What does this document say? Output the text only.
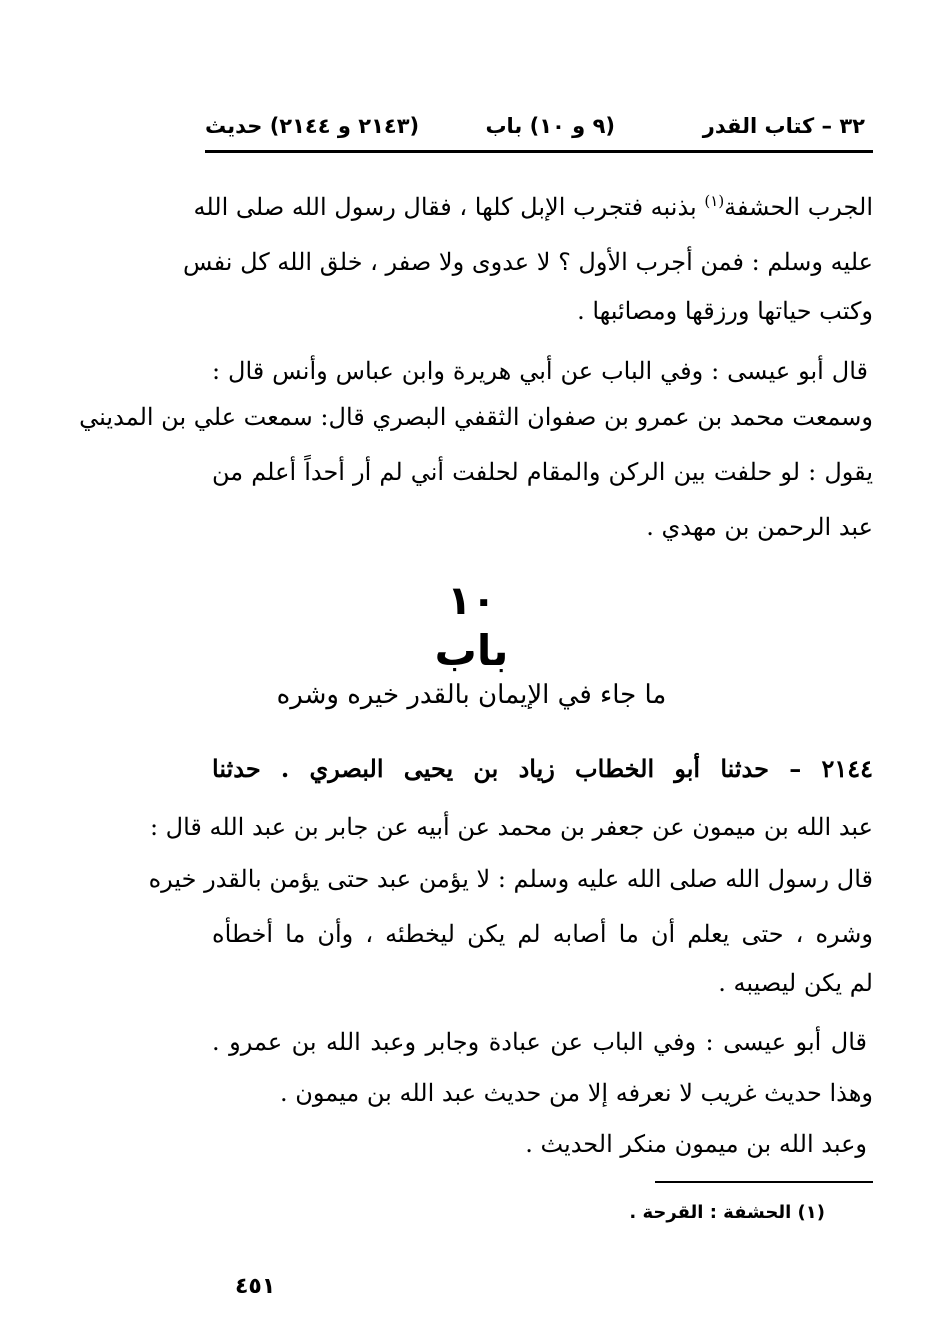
٣٢ – كتاب القدر
(٩ و ١٠) باب
(٢١٤٣ و ٢١٤٤) حديث
الجرب الحشفة$^{(١)}$ بذنبه فتجرب الإبل كلها ، فقال رسول الله صلى الله
عليه وسلم : فمن أجرب الأول ؟ لا عدوى ولا صفر ، خلق الله كل نفس
وكتب حياتها ورزقها ومصائبها .
قال أبو عيسى : وفي الباب عن أبي هريرة وابن عباس وأنس قال :
وسمعت محمد بن عمرو بن صفوان الثقفي البصري قال: سمعت علي بن المديني
يقول : لو حلفت بين الركن والمقام لحلفت أني لم أر أحداً أعلم من
عبد الرحمن بن مهدي .
١٠
باب
ما جاء في الإيمان بالقدر خيره وشره
٢١٤٤ – حدثنا أبو الخطاب زياد بن يحيى البصري . حدثنا
عبد الله بن ميمون عن جعفر بن محمد عن أبيه عن جابر بن عبد الله قال :
قال رسول الله صلى الله عليه وسلم : لا يؤمن عبد حتى يؤمن بالقدر خيره
وشره ، حتى يعلم أن ما أصابه لم يكن ليخطئه ، وأن ما أخطأه
لم يكن ليصيبه .
قال أبو عيسى : وفي الباب عن عبادة وجابر وعبد الله بن عمرو .
وهذا حديث غريب لا نعرفه إلا من حديث عبد الله بن ميمون .
وعبد الله بن ميمون منكر الحديث .
(١) الحشفة : القرحة .
٤٥١
